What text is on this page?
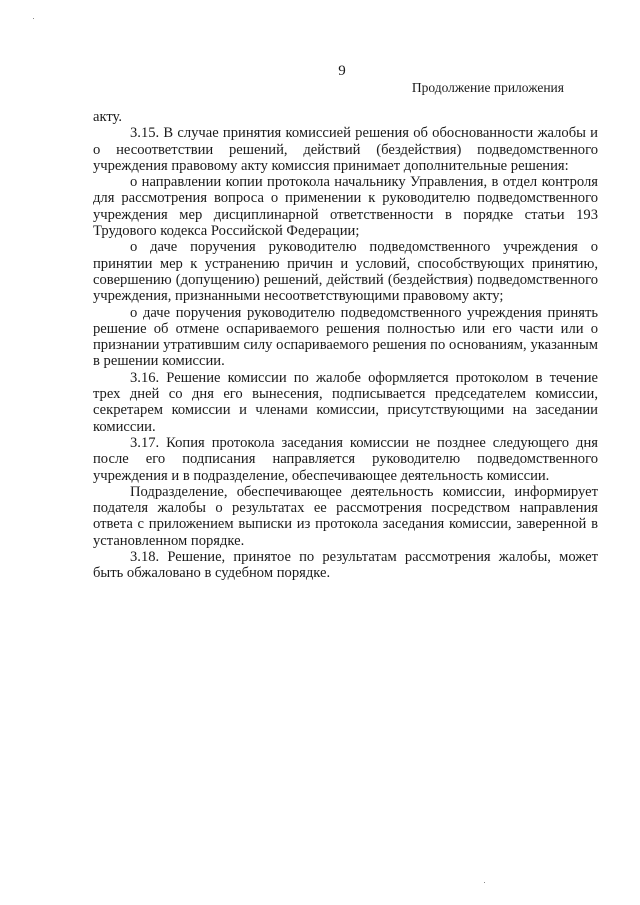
9
Продолжение приложения

акту.

3.15. В случае принятия комиссией решения об обоснованности жалобы и о несоответствии решений, действий (бездействия) подведомственного учреждения правовому акту комиссия принимает дополнительные решения:

о направлении копии протокола начальнику Управления, в отдел контроля для рассмотрения вопроса о применении к руководителю подведомственного учреждения мер дисциплинарной ответственности в порядке статьи 193 Трудового кодекса Российской Федерации;

о даче поручения руководителю подведомственного учреждения о принятии мер к устранению причин и условий, способствующих принятию, совершению (допущению) решений, действий (бездействия) подведомственного учреждения, признанными несоответствующими правовому акту;

о даче поручения руководителю подведомственного учреждения принять решение об отмене оспариваемого решения полностью или его части или о признании утратившим силу оспариваемого решения по основаниям, указанным в решении комиссии.

3.16. Решение комиссии по жалобе оформляется протоколом в течение трех дней со дня его вынесения, подписывается председателем комиссии, секретарем комиссии и членами комиссии, присутствующими на заседании комиссии.

3.17. Копия протокола заседания комиссии не позднее следующего дня после его подписания направляется руководителю подведомственного учреждения и в подразделение, обеспечивающее деятельность комиссии.

Подразделение, обеспечивающее деятельность комиссии, информирует подателя жалобы о результатах ее рассмотрения посредством направления ответа с приложением выписки из протокола заседания комиссии, заверенной в установленном порядке.

3.18. Решение, принятое по результатам рассмотрения жалобы, может быть обжаловано в судебном порядке.
